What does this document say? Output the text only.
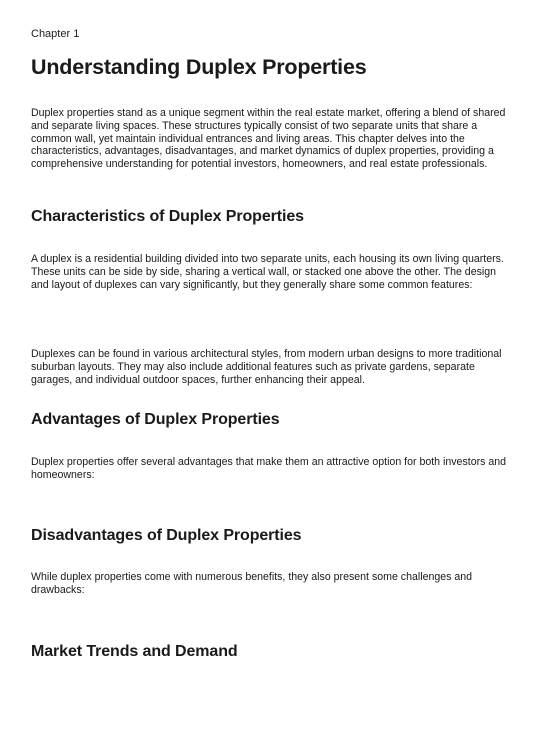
Chapter 1

Understanding Duplex Properties

Duplex properties stand as a unique segment within the real estate market, offering a blend of shared and separate living spaces. These structures typically consist of two separate units that share a common wall, yet maintain individual entrances and living areas. This chapter delves into the characteristics, advantages, disadvantages, and market dynamics of duplex properties, providing a comprehensive understanding for potential investors, homeowners, and real estate professionals.

Characteristics of Duplex Properties

A duplex is a residential building divided into two separate units, each housing its own living quarters. These units can be side by side, sharing a vertical wall, or stacked one above the other. The design and layout of duplexes can vary significantly, but they generally share some common features:

Duplexes can be found in various architectural styles, from modern urban designs to more traditional suburban layouts. They may also include additional features such as private gardens, separate garages, and individual outdoor spaces, further enhancing their appeal.

Advantages of Duplex Properties

Duplex properties offer several advantages that make them an attractive option for both investors and homeowners:

Disadvantages of Duplex Properties

While duplex properties come with numerous benefits, they also present some challenges and drawbacks:

Market Trends and Demand
